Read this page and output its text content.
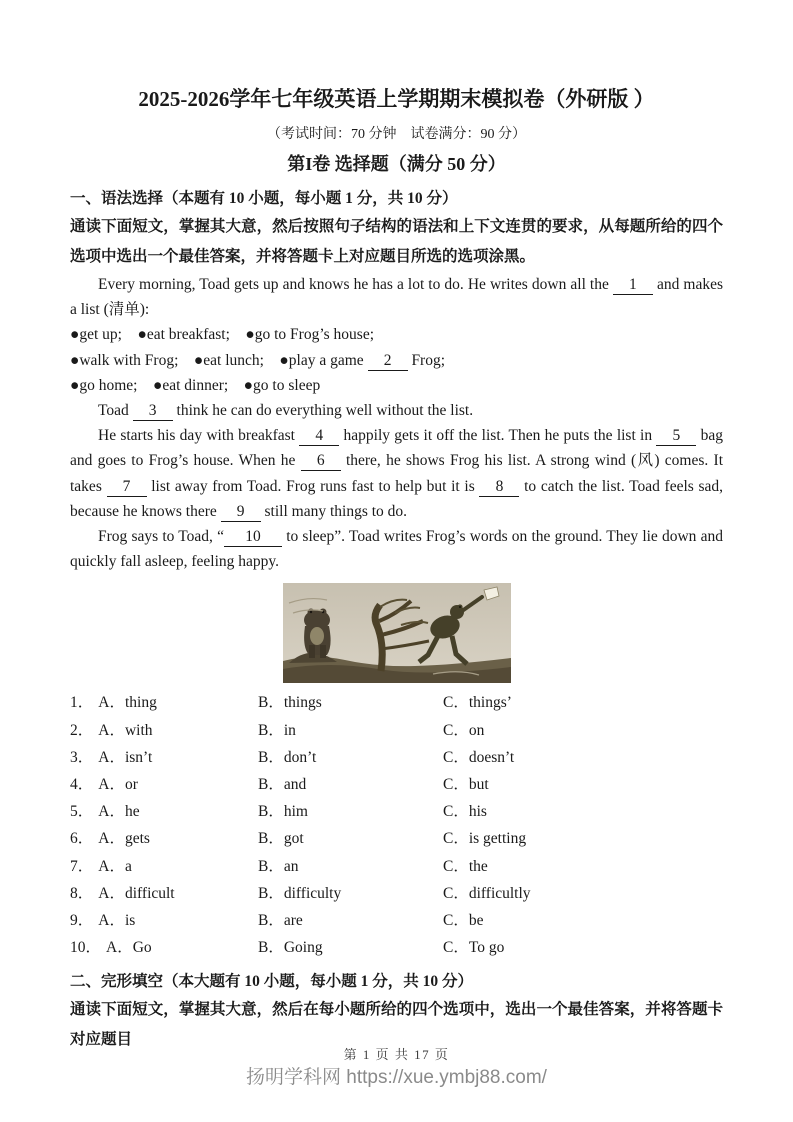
2025-2026学年七年级英语上学期期末模拟卷（外研版 ）
（考试时间：70 分钟　试卷满分：90 分）
第I卷 选择题（满分 50 分）
一、语法选择（本题有 10 小题，每小题 1 分，共 10 分）

通读下面短文，掌握其大意，然后按照句子结构的语法和上下文连贯的要求，从每题所给的四个选项中选出一个最佳答案，并将答题卡上对应题目所选的选项涂黑。

Every morning, Toad gets up and knows he has a lot to do. He writes down all the 1 and makes a list (清单):

●get up;　●eat breakfast;　●go to Frog’s house;

●walk with Frog;　●eat lunch;　●play a game 2 Frog;

●go home;　●eat dinner;　●go to sleep

Toad 3 think he can do everything well without the list.

He starts his day with breakfast 4 happily gets it off the list. Then he puts the list in 5 bag and goes to Frog’s house. When he 6 there, he shows Frog his list. A strong wind (风) comes. It takes 7 list away from Toad. Frog runs fast to help but it is 8 to catch the list. Toad feels sad, because he knows there 9 still many things to do.

Frog says to Toad, “ 10 to sleep”. Toad writes Frog’s words on the ground. They lie down and quickly fall asleep, feeling happy.

1． A．thing	B．things	C．things’
2． A．with	B．in	C．on
3． A．isn’t	B．don’t	C．doesn’t
4． A．or	B．and	C．but
5． A．he	B．him	C．his
6． A．gets	B．got	C．is getting
7． A．a	B．an	C．the
8． A．difficult	B．difficulty	C．difficultly
9． A．is	B．are	C．be
10． A．Go	B．Going	C．To go
二、完形填空（本大题有 10 小题，每小题 1 分，共 10 分）

通读下面短文，掌握其大意，然后在每小题所给的四个选项中，选出一个最佳答案，并将答题卡对应题目

第 1 页 共 17 页
扬明学科网 https://xue.ymbj88.com/
